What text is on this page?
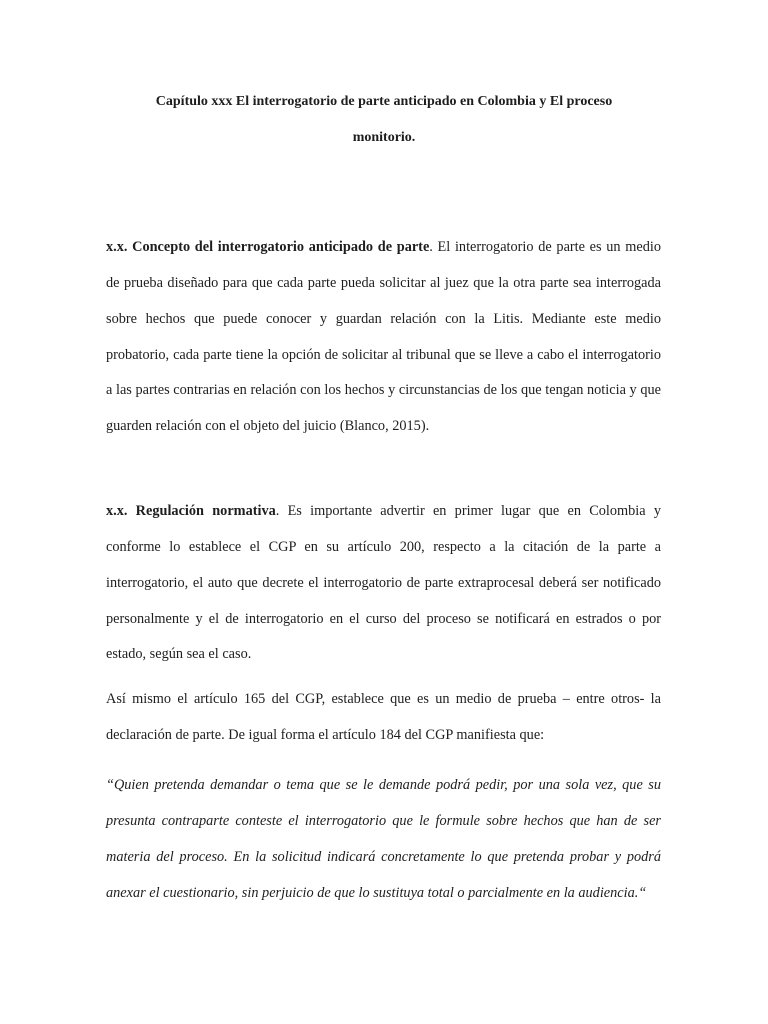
Capítulo xxx El interrogatorio de parte anticipado en Colombia y El proceso
monitorio.

x.x. Concepto del interrogatorio anticipado de parte. El interrogatorio de parte es un medio de prueba diseñado para que cada parte pueda solicitar al juez que la otra parte sea interrogada sobre hechos que puede conocer y guardan relación con la Litis. Mediante este medio probatorio, cada parte tiene la opción de solicitar al tribunal que se lleve a cabo el interrogatorio a las partes contrarias en relación con los hechos y circunstancias de los que tengan noticia y que guarden relación con el objeto del juicio (Blanco, 2015).

x.x. Regulación normativa. Es importante advertir en primer lugar que en Colombia y conforme lo establece el CGP en su artículo 200, respecto a la citación de la parte a interrogatorio, el auto que decrete el interrogatorio de parte extraprocesal deberá ser notificado personalmente y el de interrogatorio en el curso del proceso se notificará en estrados o por estado, según sea el caso.

Así mismo el artículo 165 del CGP, establece que es un medio de prueba – entre otros- la declaración de parte. De igual forma el artículo 184 del CGP manifiesta que:

“Quien pretenda demandar o tema que se le demande podrá pedir, por una sola vez, que su presunta contraparte conteste el interrogatorio que le formule sobre hechos que han de ser materia del proceso. En la solicitud indicará concretamente lo que pretenda probar y podrá anexar el cuestionario, sin perjuicio de que lo sustituya total o parcialmente en la audiencia.“
